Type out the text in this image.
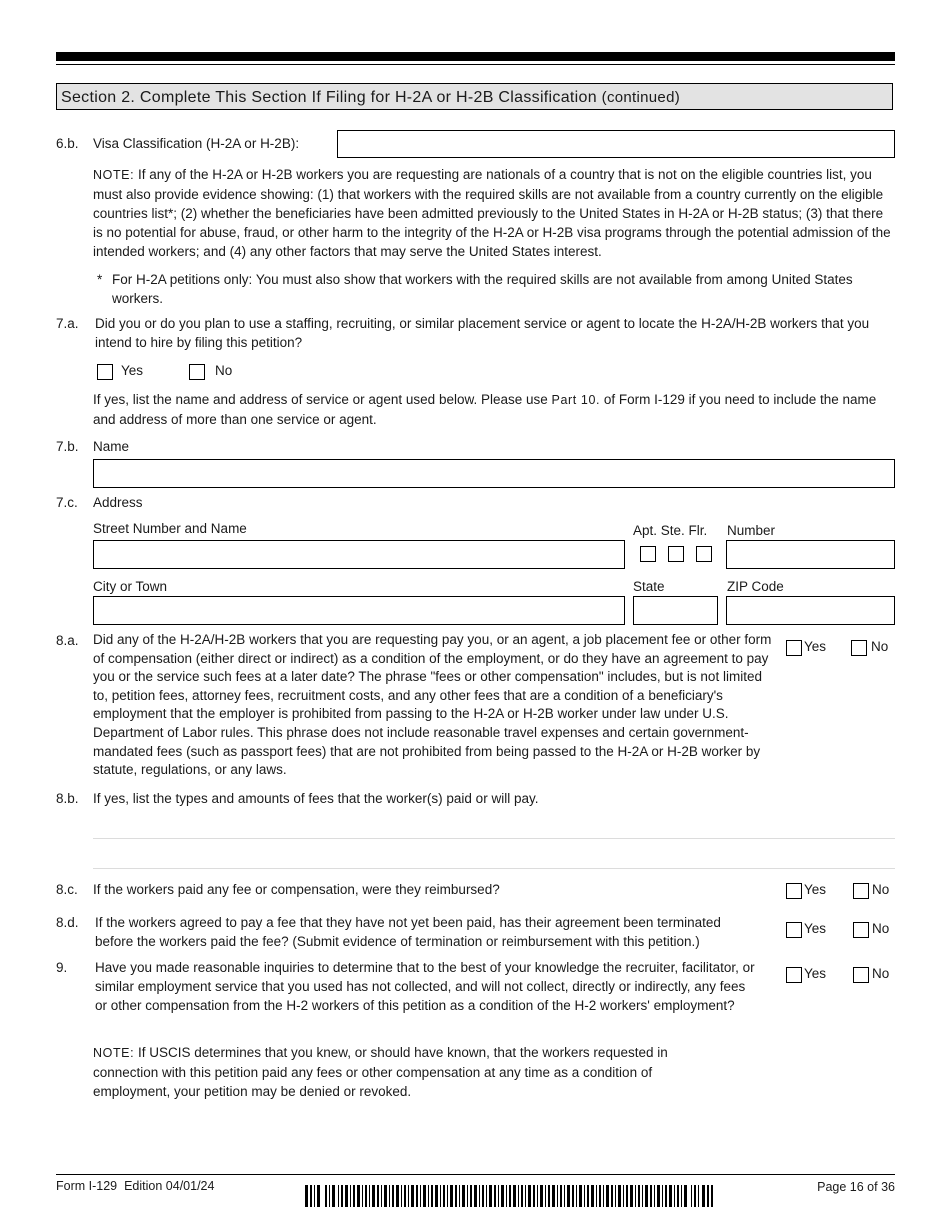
Section 2. Complete This Section If Filing for H-2A or H-2B Classification (continued)
6.b. Visa Classification (H-2A or H-2B):
NOTE: If any of the H-2A or H-2B workers you are requesting are nationals of a country that is not on the eligible countries list, you must also provide evidence showing: (1) that workers with the required skills are not available from a country currently on the eligible countries list*; (2) whether the beneficiaries have been admitted previously to the United States in H-2A or H-2B status; (3) that there is no potential for abuse, fraud, or other harm to the integrity of the H-2A or H-2B visa programs through the potential admission of the intended workers; and (4) any other factors that may serve the United States interest.
* For H-2A petitions only: You must also show that workers with the required skills are not available from among United States workers.
7.a. Did you or do you plan to use a staffing, recruiting, or similar placement service or agent to locate the H-2A/H-2B workers that you intend to hire by filing this petition?
Yes	No
If yes, list the name and address of service or agent used below. Please use Part 10. of Form I-129 if you need to include the name and address of more than one service or agent.
7.b. Name
7.c. Address
Street Number and Name	Apt. Ste. Flr. Number
City or Town	State	ZIP Code
8.a. Did any of the H-2A/H-2B workers that you are requesting pay you, or an agent, a job placement fee or other form of compensation (either direct or indirect) as a condition of the employment, or do they have an agreement to pay you or the service such fees at a later date? The phrase "fees or other compensation" includes, but is not limited to, petition fees, attorney fees, recruitment costs, and any other fees that are a condition of a beneficiary's employment that the employer is prohibited from passing to the H-2A or H-2B worker under law under U.S. Department of Labor rules. This phrase does not include reasonable travel expenses and certain government-mandated fees (such as passport fees) that are not prohibited from being passed to the H-2A or H-2B worker by statute, regulations, or any laws.
Yes	No
8.b. If yes, list the types and amounts of fees that the worker(s) paid or will pay.
8.c. If the workers paid any fee or compensation, were they reimbursed?	Yes	No
8.d. If the workers agreed to pay a fee that they have not yet been paid, has their agreement been terminated before the workers paid the fee? (Submit evidence of termination or reimbursement with this petition.)
Yes	No
9. Have you made reasonable inquiries to determine that to the best of your knowledge the recruiter, facilitator, or similar employment service that you used has not collected, and will not collect, directly or indirectly, any fees or other compensation from the H-2 workers of this petition as a condition of the H-2 workers' employment?
Yes	No
NOTE: If USCIS determines that you knew, or should have known, that the workers requested in connection with this petition paid any fees or other compensation at any time as a condition of employment, your petition may be denied or revoked.
Form I-129 Edition 04/01/24	Page 16 of 36
